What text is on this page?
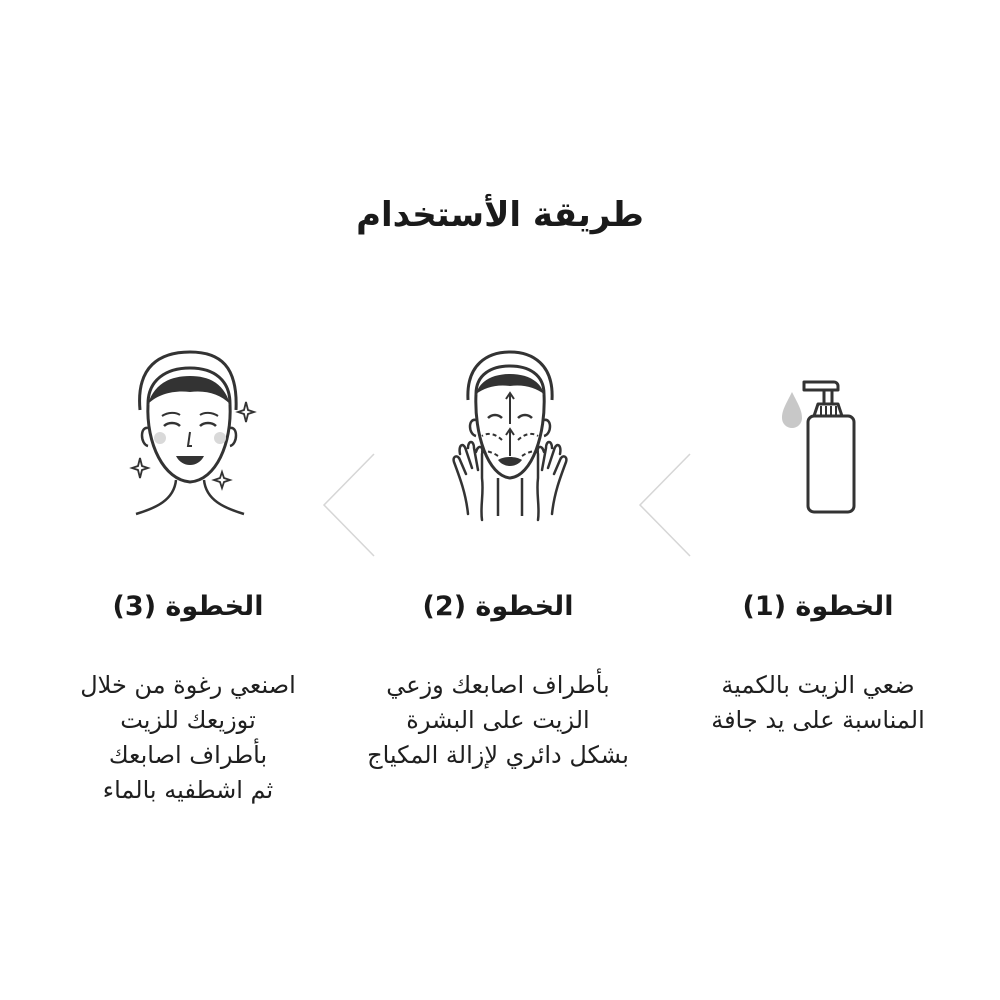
طريقة الأستخدام
الخطوة (1)
الخطوة (2)
الخطوة (3)
ضعي الزيت بالكمية
المناسبة على يد جافة
بأطراف اصابعك وزعي
الزيت على البشرة
بشكل دائري لإزالة المكياج
اصنعي رغوة من خلال
توزيعك للزيت
بأطراف اصابعك
ثم اشطفيه بالماء
